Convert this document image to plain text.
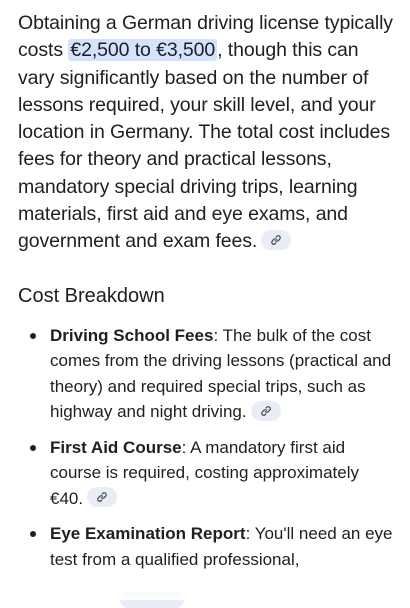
Obtaining a German driving license typically costs €2,500 to €3,500 , though this can vary significantly based on the number of lessons required, your skill level, and your location in Germany. The total cost includes fees for theory and practical lessons, mandatory special driving trips, learning materials, first aid and eye exams, and government and exam fees.

Cost Breakdown
Driving School Fees: The bulk of the cost comes from the driving lessons (practical and theory) and required special trips, such as highway and night driving.
First Aid Course: A mandatory first aid course is required, costing approximately €40.
Eye Examination Report: You'll need an eye test from a qualified professional,
